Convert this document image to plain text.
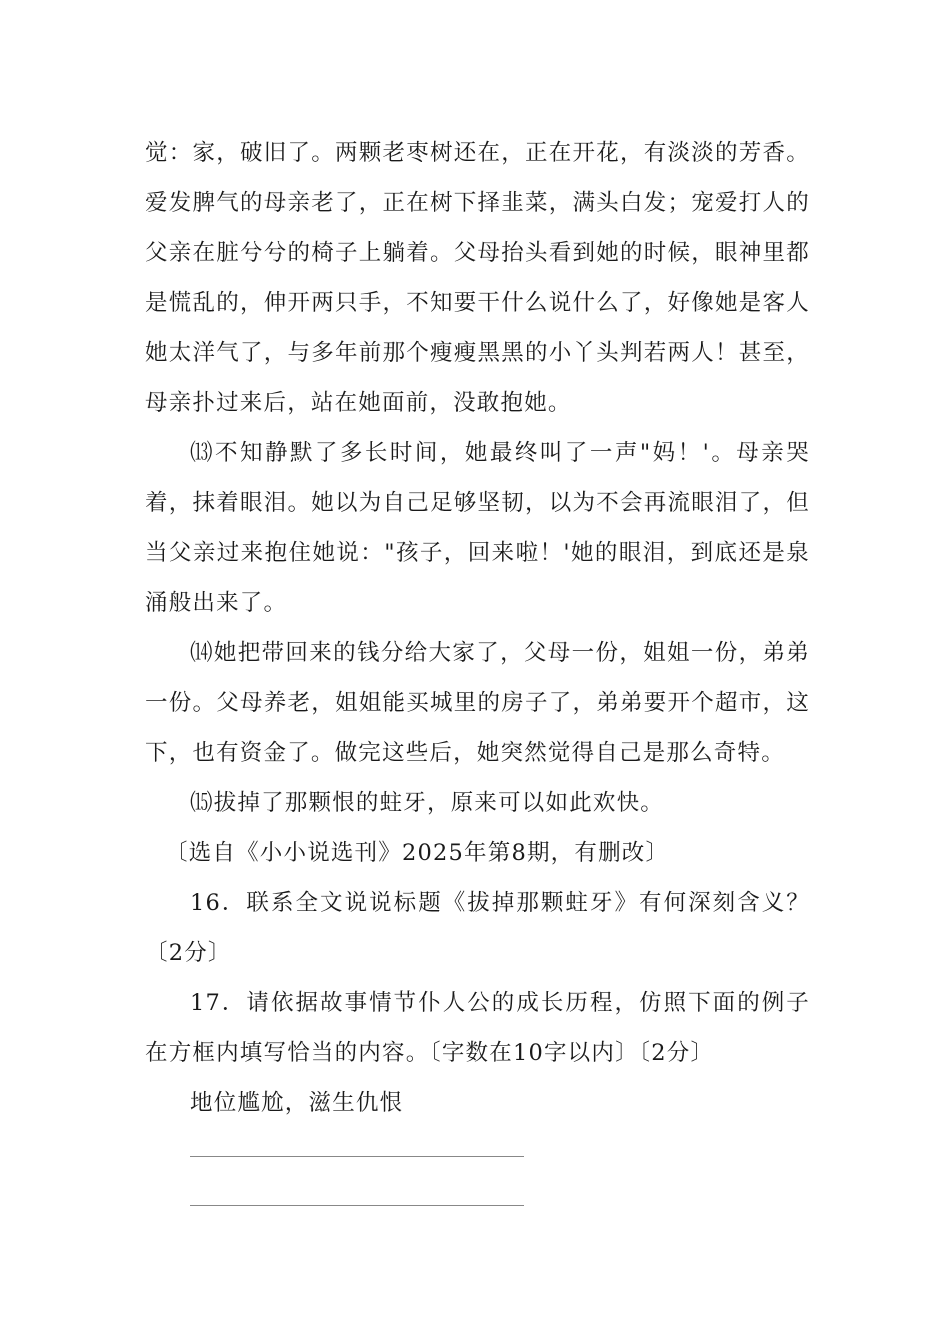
觉：家，破旧了。两颗老枣树还在，正在开花，有淡淡的芳香。爱发脾气的母亲老了，正在树下择韭菜，满头白发；宠爱打人的父亲在脏兮兮的椅子上躺着。父母抬头看到她的时候，眼神里都是慌乱的，伸开两只手，不知要干什么说什么了，好像她是客人她太洋气了，与多年前那个瘦瘦黑黑的小丫头判若两人！甚至，母亲扑过来后，站在她面前，没敢抱她。

⒀不知静默了多长时间，她最终叫了一声"妈！'。母亲哭着，抹着眼泪。她以为自己足够坚韧，以为不会再流眼泪了，但当父亲过来抱住她说："孩子，回来啦！'她的眼泪，到底还是泉涌般出来了。

⒁她把带回来的钱分给大家了，父母一份，姐姐一份，弟弟一份。父母养老，姐姐能买城里的房子了，弟弟要开个超市，这下，也有资金了。做完这些后，她突然觉得自己是那么奇特。

⒂拔掉了那颗恨的蛀牙，原来可以如此欢快。

〔选自《小小说选刊》2025年第8期，有删改〕

16．联系全文说说标题《拔掉那颗蛀牙》有何深刻含义？〔2分〕

17．请依据故事情节仆人公的成长历程，仿照下面的例子在方框内填写恰当的内容。〔字数在10字以内〕〔2分〕

地位尴尬，滋生仇恨
